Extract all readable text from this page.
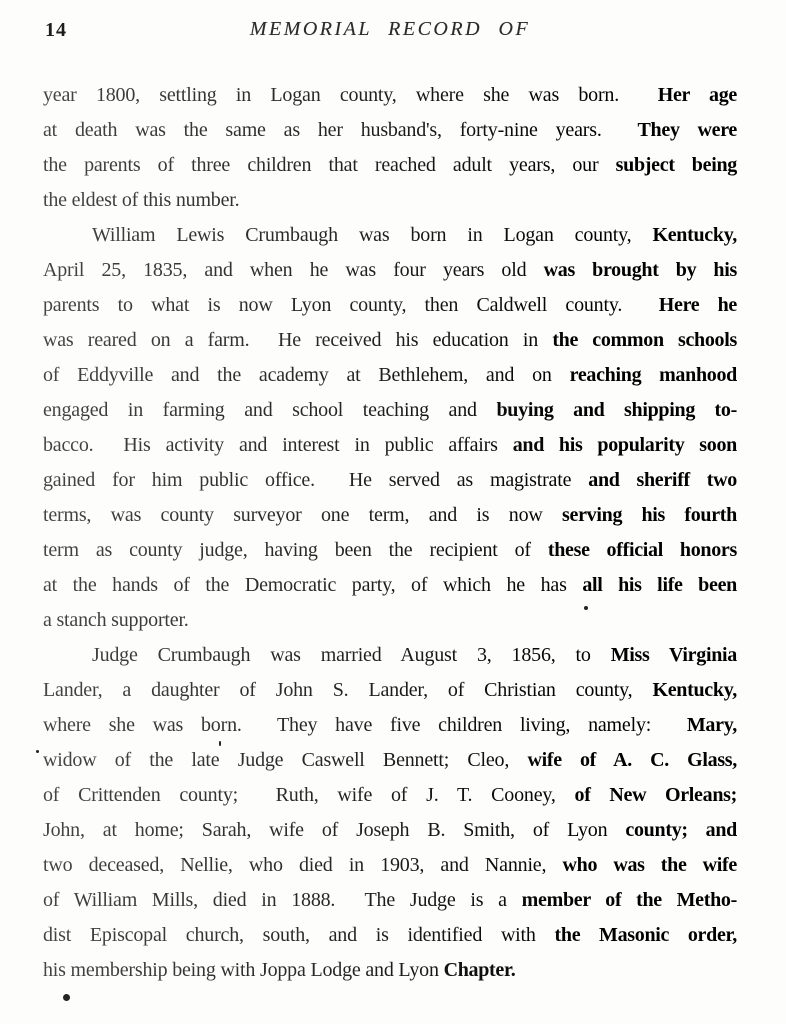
14	MEMORIAL RECORD OF
year 1800, settling in Logan county, where she was born.  Her age
at death was the same as her husband's, forty-nine years.  They were
the parents of three children that reached adult years, our subject being
the eldest of this number.
William Lewis Crumbaugh was born in Logan county, Kentucky,
April 25, 1835, and when he was four years old was brought by his
parents to what is now Lyon county, then Caldwell county.  Here he
was reared on a farm.  He received his education in the common schools
of Eddyville and the academy at Bethlehem, and on reaching manhood
engaged in farming and school teaching and buying and shipping to-
bacco.  His activity and interest in public affairs and his popularity soon
gained for him public office.  He served as magistrate and sheriff two
terms, was county surveyor one term, and is now serving his fourth
term as county judge, having been the recipient of these official honors
at the hands of the Democratic party, of which he has all his life been
a stanch supporter.
Judge Crumbaugh was married August 3, 1856, to Miss Virginia
Lander, a daughter of John S. Lander, of Christian county, Kentucky,
where she was born.  They have five children living, namely:  Mary,
widow of the late Judge Caswell Bennett; Cleo, wife of A. C. Glass,
of Crittenden county;  Ruth, wife of J. T. Cooney, of New Orleans;
John, at home; Sarah, wife of Joseph B. Smith, of Lyon county; and
two deceased, Nellie, who died in 1903, and Nannie, who was the wife
of William Mills, died in 1888.  The Judge is a member of the Metho-
dist Episcopal church, south, and is identified with the Masonic order,
his membership being with Joppa Lodge and Lyon Chapter.
